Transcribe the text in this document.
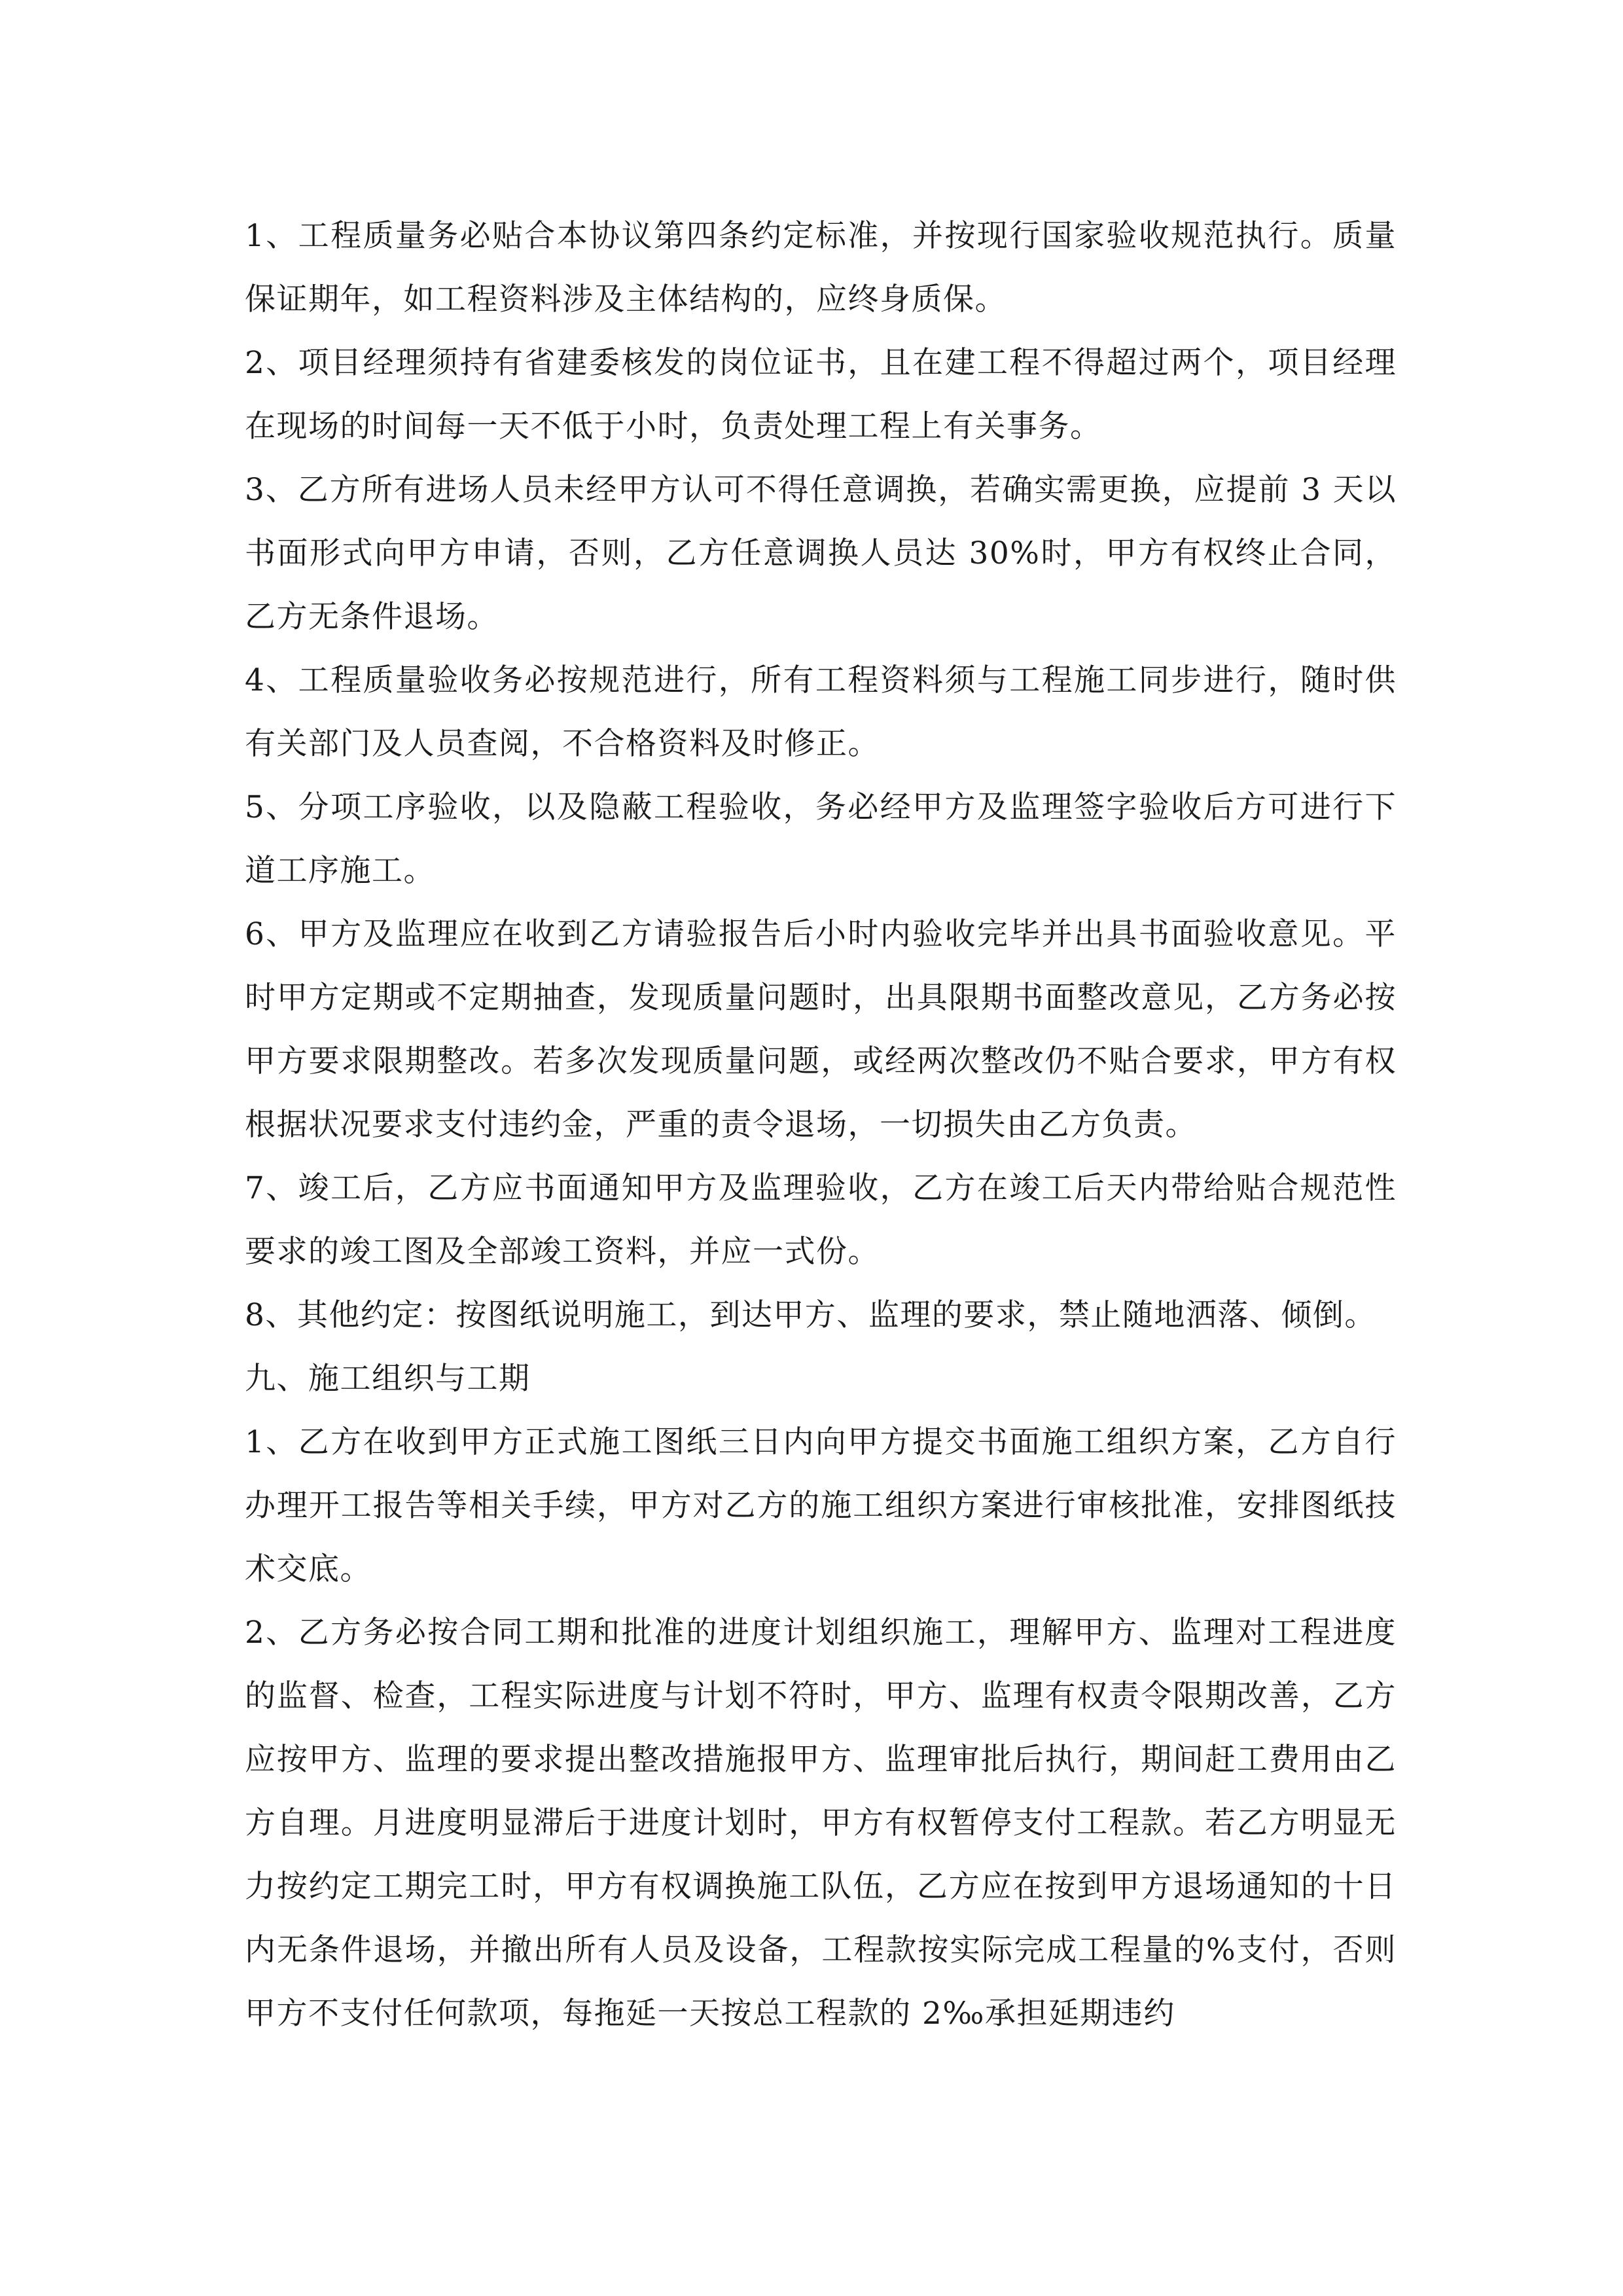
1、工程质量务必贴合本协议第四条约定标准，并按现行国家验收规范执行。质量保证期年，如工程资料涉及主体结构的，应终身质保。

2、项目经理须持有省建委核发的岗位证书，且在建工程不得超过两个，项目经理在现场的时间每一天不低于小时，负责处理工程上有关事务。

3、乙方所有进场人员未经甲方认可不得任意调换，若确实需更换，应提前 3 天以书面形式向甲方申请，否则，乙方任意调换人员达 30%时，甲方有权终止合同，乙方无条件退场。

4、工程质量验收务必按规范进行，所有工程资料须与工程施工同步进行，随时供有关部门及人员查阅，不合格资料及时修正。

5、分项工序验收，以及隐蔽工程验收，务必经甲方及监理签字验收后方可进行下道工序施工。

6、甲方及监理应在收到乙方请验报告后小时内验收完毕并出具书面验收意见。平时甲方定期或不定期抽查，发现质量问题时，出具限期书面整改意见，乙方务必按甲方要求限期整改。若多次发现质量问题，或经两次整改仍不贴合要求，甲方有权根据状况要求支付违约金，严重的责令退场，一切损失由乙方负责。

7、竣工后，乙方应书面通知甲方及监理验收，乙方在竣工后天内带给贴合规范性要求的竣工图及全部竣工资料，并应一式份。

8、其他约定：按图纸说明施工，到达甲方、监理的要求，禁止随地洒落、倾倒。

九、施工组织与工期

1、乙方在收到甲方正式施工图纸三日内向甲方提交书面施工组织方案，乙方自行办理开工报告等相关手续，甲方对乙方的施工组织方案进行审核批准，安排图纸技术交底。

2、乙方务必按合同工期和批准的进度计划组织施工，理解甲方、监理对工程进度的监督、检查，工程实际进度与计划不符时，甲方、监理有权责令限期改善，乙方应按甲方、监理的要求提出整改措施报甲方、监理审批后执行，期间赶工费用由乙方自理。月进度明显滞后于进度计划时，甲方有权暂停支付工程款。若乙方明显无力按约定工期完工时，甲方有权调换施工队伍，乙方应在按到甲方退场通知的十日内无条件退场，并撤出所有人员及设备，工程款按实际完成工程量的%支付，否则甲方不支付任何款项，每拖延一天按总工程款的 2‰承担延期违约
